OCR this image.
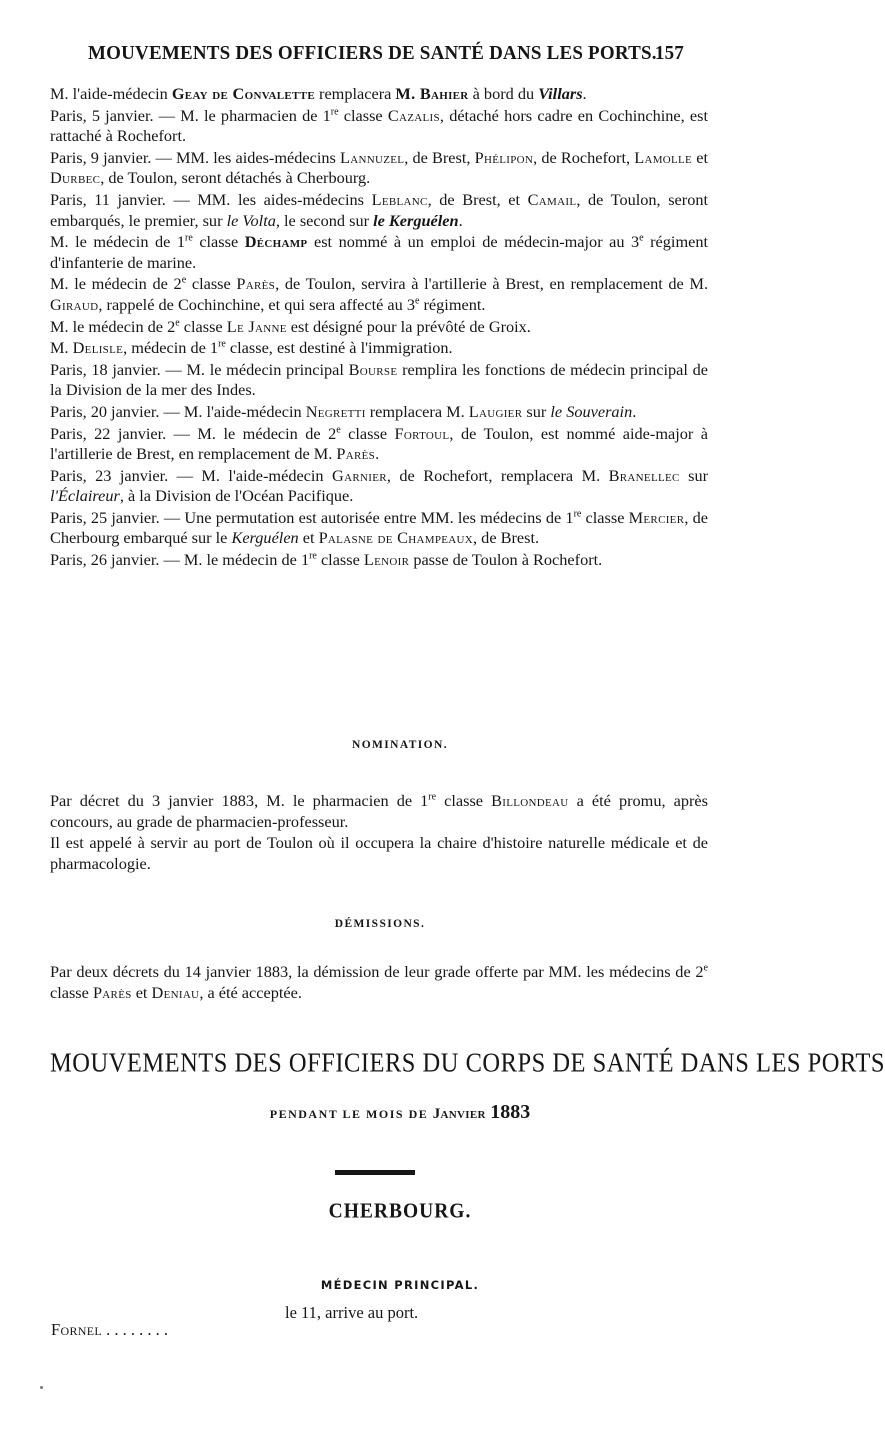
MOUVEMENTS DES OFFICIERS DE SANTÉ DANS LES PORTS.
157

M. l'aide-médecin Geay de Convalette remplacera M. Bahier à bord du Villars.

Paris, 5 janvier. — M. le pharmacien de 1re classe Cazalis, détaché hors cadre en Cochinchine, est rattaché à Rochefort.

Paris, 9 janvier. — MM. les aides-médecins Lannuzel, de Brest, Phélipon, de Rochefort, Lamolle et Durbec, de Toulon, seront détachés à Cherbourg.

Paris, 11 janvier. — MM. les aides-médecins Leblanc, de Brest, et Camail, de Toulon, seront embarqués, le premier, sur le Volta, le second sur le Kerguélen.

M. le médecin de 1re classe Déchamp est nommé à un emploi de médecin-major au 3e régiment d'infanterie de marine.

M. le médecin de 2e classe Parès, de Toulon, servira à l'artillerie à Brest, en remplacement de M. Giraud, rappelé de Cochinchine, et qui sera affecté au 3e régiment.

M. le médecin de 2e classe Le Janne est désigné pour la prévôté de Groix.

M. Delisle, médecin de 1re classe, est destiné à l'immigration.

Paris, 18 janvier. — M. le médecin principal Bourse remplira les fonctions de médecin principal de la Division de la mer des Indes.

Paris, 20 janvier. — M. l'aide-médecin Negretti remplacera M. Laugier sur le Souverain.

Paris, 22 janvier. — M. le médecin de 2e classe Fortoul, de Toulon, est nommé aide-major à l'artillerie de Brest, en remplacement de M. Parès.

Paris, 23 janvier. — M. l'aide-médecin Garnier, de Rochefort, remplacera M. Branellec sur l'Éclaireur, à la Division de l'Océan Pacifique.

Paris, 25 janvier. — Une permutation est autorisée entre MM. les médecins de 1re classe Mercier, de Cherbourg embarqué sur le Kerguélen et Palasne de Champeaux, de Brest.

Paris, 26 janvier. — M. le médecin de 1re classe Lenoir passe de Toulon à Rochefort.

NOMINATION.

Par décret du 3 janvier 1883, M. le pharmacien de 1re classe Billondeau a été promu, après concours, au grade de pharmacien-professeur.

Il est appelé à servir au port de Toulon où il occupera la chaire d'histoire naturelle médicale et de pharmacologie.

DÉMISSIONS.

Par deux décrets du 14 janvier 1883, la démission de leur grade offerte par MM. les médecins de 2e classe Parès et Deniau, a été acceptée.

MOUVEMENTS DES OFFICIERS DU CORPS DE SANTÉ DANS LES PORTS
PENDANT LE MOIS DE Janvier 1883
CHERBOURG.
MÉDECIN PRINCIPAL.
Fornel . . . . . . . .
le 11, arrive au port.
